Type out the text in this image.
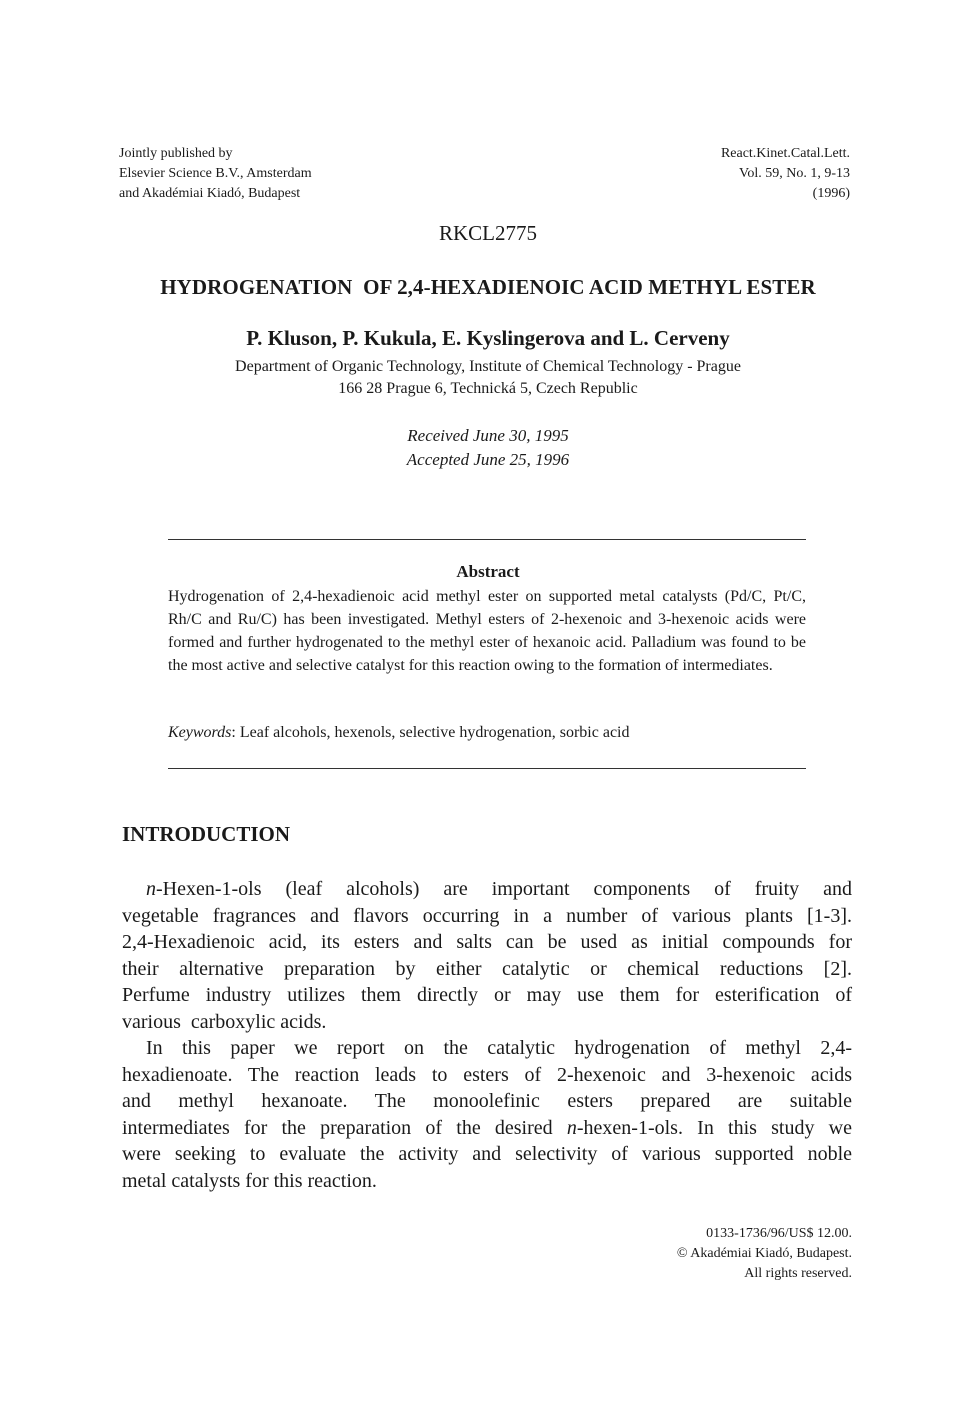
Jointly published by
Elsevier Science B.V., Amsterdam
and Akadémiai Kiadó, Budapest
React.Kinet.Catal.Lett.
Vol. 59, No. 1, 9-13
(1996)
RKCL2775
HYDROGENATION  OF 2,4-HEXADIENOIC ACID METHYL ESTER
P. Kluson, P. Kukula, E. Kyslingerova and L. Cerveny
Department of Organic Technology, Institute of Chemical Technology - Prague
166 28 Prague 6, Technická 5, Czech Republic
Received June 30, 1995
Accepted June 25, 1996
Abstract
Hydrogenation of 2,4-hexadienoic acid methyl ester on supported metal catalysts (Pd/C, Pt/C, Rh/C and Ru/C) has been investigated. Methyl esters of 2-hexenoic and 3-hexenoic acids were formed and further hydrogenated to the methyl ester of hexanoic acid. Palladium was found to be the most active and selective catalyst for this reaction owing to the formation of intermediates.
Keywords: Leaf alcohols, hexenols, selective hydrogenation, sorbic acid
INTRODUCTION
n-Hexen-1-ols (leaf alcohols) are important components of fruity and
vegetable fragrances and flavors occurring in a number of various plants [1-3].
2,4-Hexadienoic acid, its esters and salts can be used as initial compounds for
their alternative preparation by either catalytic or chemical reductions [2].
Perfume industry utilizes them directly or may use them for esterification of
various  carboxylic acids.
In this paper we report on the catalytic hydrogenation of methyl 2,4-
hexadienoate. The reaction leads to esters of 2-hexenoic and 3-hexenoic acids
and methyl hexanoate. The monoolefinic esters prepared are suitable
intermediates for the preparation of the desired n-hexen-1-ols. In this study we
were seeking to evaluate the activity and selectivity of various supported noble
metal catalysts for this reaction.
0133-1736/96/US$ 12.00.
© Akadémiai Kiadó, Budapest.
All rights reserved.
